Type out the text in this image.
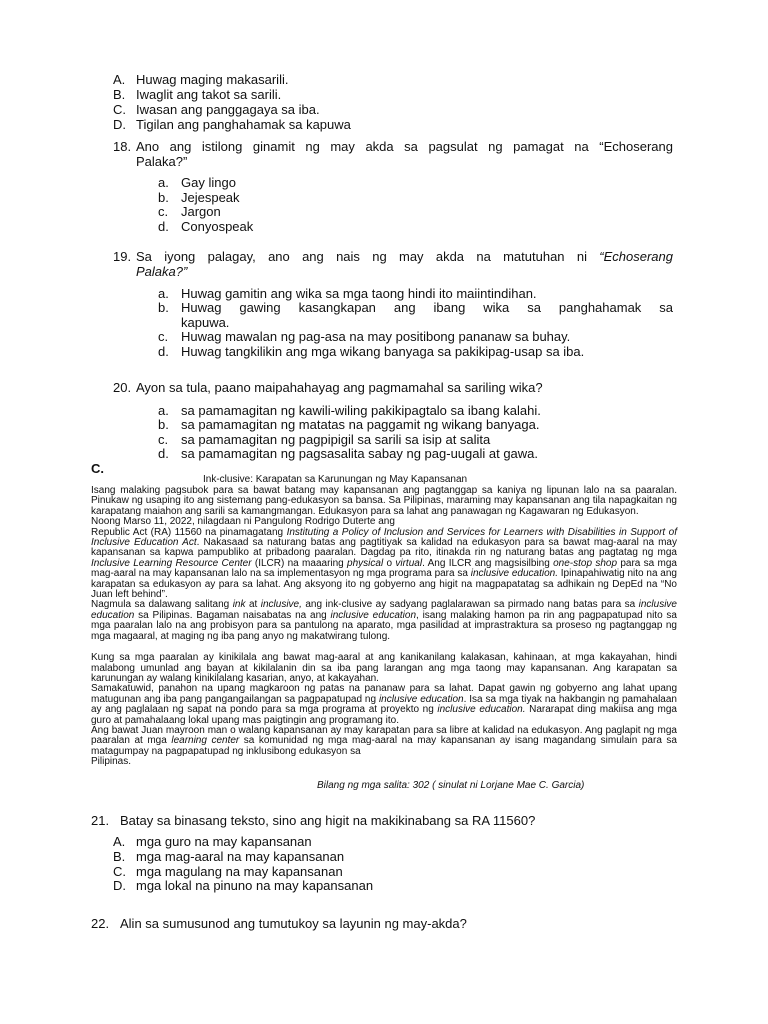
A. Huwag maging makasarili.
B. Iwaglit ang takot sa sarili.
C. Iwasan ang panggagaya sa iba.
D. Tigilan ang panghahamak sa kapuwa
18. Ano ang istilong ginamit ng may akda sa pagsulat ng pamagat na “Echoserang
Palaka?”
a. Gay lingo
b. Jejespeak
c. Jargon
d. Conyospeak
19. Sa iyong palagay, ano ang nais ng may akda na matutuhan ni “Echoserang
Palaka?”
a. Huwag gamitin ang wika sa mga taong hindi ito maiintindihan.
b. Huwag gawing kasangkapan ang ibang wika sa panghahamak sa
kapuwa.
c. Huwag mawalan ng pag-asa na may positibong pananaw sa buhay.
d. Huwag tangkilikin ang mga wikang banyaga sa pakikipag-usap sa iba.
20. Ayon sa tula, paano maipahahayag ang pagmamahal sa sariling wika?
a. sa pamamagitan ng kawili-wiling pakikipagtalo sa ibang kalahi.
b. sa pamamagitan ng matatas na paggamit ng wikang banyaga.
c. sa pamamagitan ng pagpipigil sa sarili sa isip at salita
d. sa pamamagitan ng pagsasalita sabay ng pag-uugali at gawa.
C.
Ink-clusive: Karapatan sa Karunungan ng May Kapansanan

Isang malaking pagsubok para sa bawat batang may kapansanan ang pagtanggap sa kaniya ng lipunan lalo na sa paaralan. Pinukaw ng usaping ito ang sistemang pang-edukasyon sa bansa. Sa Pilipinas, maraming may kapansanan ang tila napagkaitan ng karapatang maiahon ang sarili sa kamangmangan. Edukasyon para sa lahat ang panawagan ng Kagawaran ng Edukasyon.

Noong Marso 11, 2022, nilagdaan ni Pangulong Rodrigo Duterte ang

Republic Act (RA) 11560 na pinamagatang Instituting a Policy of Inclusion and Services for Learners with Disabilities in Support of Inclusive Education Act. Nakasaad sa naturang batas ang pagtitiyak sa kalidad na edukasyon para sa bawat mag-aaral na may kapansanan sa kapwa pampubliko at pribadong paaralan. Dagdag pa rito, itinakda rin ng naturang batas ang pagtatag ng mga Inclusive Learning Resource Center (ILCR) na maaaring physical o virtual. Ang ILCR ang magsisilbing one-stop shop para sa mga mag-aaral na may kapansanan lalo na sa implementasyon ng mga programa para sa inclusive education. Ipinapahiwatig nito na ang karapatan sa edukasyon ay para sa lahat. Ang aksyong ito ng gobyerno ang higit na magpapatatag sa adhikain ng DepEd na “No Juan left behind”.

Nagmula sa dalawang salitang ink at inclusive, ang ink-clusive ay sadyang paglalarawan sa pirmado nang batas para sa inclusive education sa Pilipinas. Bagaman naisabatas na ang inclusive education, isang malaking hamon pa rin ang pagpapatupad nito sa mga paaralan lalo na ang probisyon para sa pantulong na aparato, mga pasilidad at imprastraktura sa proseso ng pagtanggap ng mga magaaral, at maging ng iba pang anyo ng makatwirang tulong.

Kung sa mga paaralan ay kinikilala ang bawat mag-aaral at ang kanikanilang kalakasan, kahinaan, at mga kakayahan, hindi malabong umunlad ang bayan at kikilalanin din sa iba pang larangan ang mga taong may kapansanan. Ang karapatan sa karunungan ay walang kinikilalang kasarian, anyo, at kakayahan.

Samakatuwid, panahon na upang magkaroon ng patas na pananaw para sa lahat. Dapat gawin ng gobyerno ang lahat upang matugunan ang iba pang pangangailangan sa pagpapatupad ng inclusive education. Isa sa mga tiyak na hakbangin ng pamahalaan ay ang paglalaan ng sapat na pondo para sa mga programa at proyekto ng inclusive education. Nararapat ding makiisa ang mga guro at pamahalaang lokal upang mas paigtingin ang programang ito.

Ang bawat Juan mayroon man o walang kapansanan ay may karapatan para sa libre at kalidad na edukasyon. Ang paglapit ng mga paaralan at mga learning center sa komunidad ng mga mag-aaral na may kapansanan ay isang magandang simulain para sa matagumpay na pagpapatupad ng inklusibong edukasyon sa

Pilipinas.

Bilang ng mga salita: 302 ( sinulat ni Lorjane Mae C. Garcia)
21. Batay sa binasang teksto, sino ang higit na makikinabang sa RA 11560?
A. mga guro na may kapansanan
B. mga mag-aaral na may kapansanan
C. mga magulang na may kapansanan
D. mga lokal na pinuno na may kapansanan
22. Alin sa sumusunod ang tumutukoy sa layunin ng may-akda?
